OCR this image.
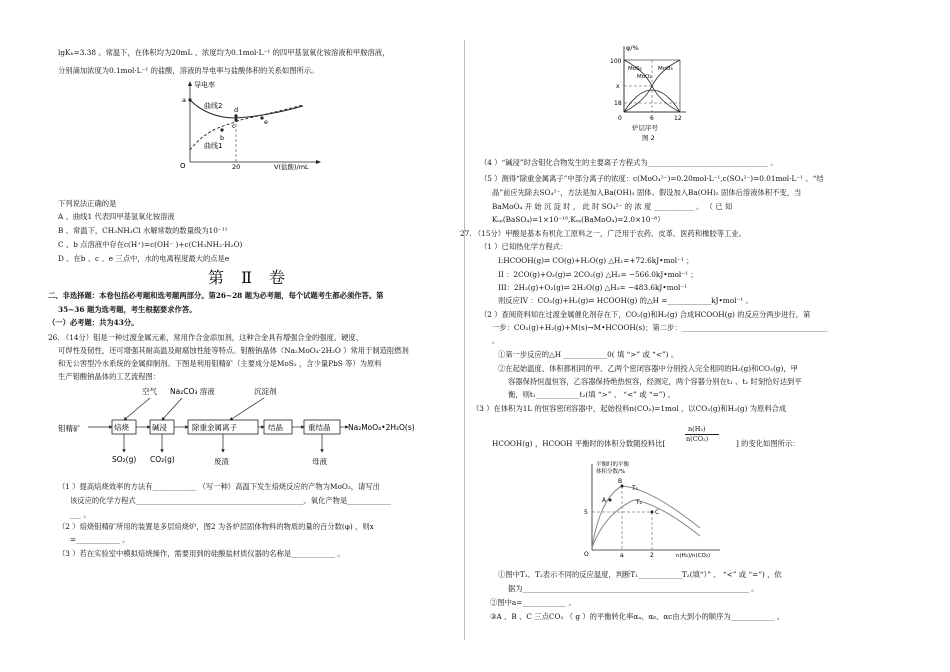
lgKₕ=3.38 。常温下，在体积均为20mL 、浓度均为0.1mol·L⁻¹ 的四甲基氢氧化铵溶液和甲胺溶液，
分别滴加浓度为0.1mol·L⁻¹ 的盐酸，溶液的导电率与盐酸体积的关系如图所示。
导电率
曲线2
曲线1
a
b
c
d
e
O	20	V(盐酸)/mL
下列说法正确的是
A 、曲线1 代表四甲基氢氧化铵溶液
B 、常温下，CH₃NH₃Cl 水解常数的数量级为10⁻¹¹
C 、b 点溶液中存在c(H⁺)=c(OH⁻ )+c(CH₃NH₂·H₂O)
D 、在b 、c 、e 三点中，水的电离程度最大的点是e
第 Ⅱ 卷
二、非选择题：本卷包括必考题和选考题两部分。第26~28 题为必考题，每个试题考生都必须作答。第
35~36 题为选考题，考生根据要求作答。
（一）必考题：共为43分。
26. （14分）钼是一种过渡金属元素，常用作合金添加剂，这种合金具有增强合金的强度、硬度、
可焊性及韧性，还可增强其耐高温及耐腐蚀性能等特点。钼酸钠晶体（Na₂MoO₄·2H₂O ）常用于制造阻燃剂
和无公害型冷水系统的金属抑制剂。下图是利用钼精矿（主要成分是MoS₂ ，含少量PbS 等）为原料
生产钼酸钠晶体的工艺流程图：
空气 Na₂CO₃ 溶液	沉淀剂
钼精矿	焙烧	碱浸	除重金属离子	结晶	重结晶 Na₂MoO₄•2H₂O(s)
SO₂(g) CO₂(g)	废渣	母液
（1 ）提高焙烧效率的方法有____________ （写一种）高温下发生焙烧反应的产物为MoO₃，请写出
该反应的化学方程式______________________________________________。氧化产物是____________
___ 。
（2 ）焙烧钼精矿所用的装置是多层焙烧炉，图2 为各炉层固体物料的物质的量的百分数(φ) ，则x
=____________ 。
（3 ）若在实验室中模拟焙烧操作，需要用到的硅酸盐材质仪器的名称是____________ 。
φ/%
100
x
18
0	6	12
MoS₂	MoO₃
MoO₂
炉层序号
图 2
（4 ）“碱浸”时含钼化合物发生的主要离子方程式为_________________________________ 。
（5 ）测得“除重金属离子”中部分离子的浓度：c(MoO₄²⁻)=0.20mol·L⁻¹,c(SO₄²⁻)=0.01mol·L⁻¹ 。“结
晶”前应先除去SO₄²⁻，方法是加入Ba(OH)₂ 固体。假设加入Ba(OH)₂ 固体后溶液体积不变，当
BaMoO₄ 开 始 沉 淀 时 ， 此 时 SO₄²⁻ 的 浓 度 ___________ 。 （ 已 知
Kₛₚ(BaSO₄)=1×10⁻¹⁰,Kₛₚ(BaMoO₄)=2.0×10⁻⁸）
27. （15分）甲酸是基本有机化工原料之一，广泛用于农药、皮革、医药和橡胶等工业。
（1 ）已知热化学方程式：
I:HCOOH(g)⇌ CO(g)+H₂O(g) △H₁=+72.6kJ•mol⁻¹ ；
II ：2CO(g)+O₂(g)⇌ 2CO₂(g) △H₂= −566.0kJ•mol⁻¹ ；
III：2H₂(g)+O₂(g)⇌ 2H₂O(g) △H₃= −483.6kJ•mol⁻¹
则反应IV ：CO₂(g)+H₂(g)⇌ HCOOH(g) 的△H =____________kJ•mol⁻¹ 。
（2 ）查阅资料知在过渡金属催化剂存在下，CO₂(g)和H₂(g) 合成HCOOH(g) 的反应分两步进行，第
一步：CO₂(g)+H₂(g)+M(s)→M•HCOOH(s)；第二步：________________________________________
。
①第一步反应的△H ____________0( 填 “>” 或 “<”) 。
②在起始温度、体积都相同的甲、乙两个密闭容器中分别投入完全相同的H₂(g)和CO₂(g)，甲
容器保持恒温恒容，乙容器保持绝热恒容，经测定，两个容器分别在t₁ 、t₂ 时刻恰好达到平
衡，则t₁____________t₂(填 “>” 、 “<” 或 “=”) 。
（3 ）在体积为1L 的恒容密闭容器中，起始投料n(CO₂)=1mol ，以CO₂(g)和H₂(g) 为原料合成
HCOOH(g) ，HCOOH 平衡时的体积分数随投料比[
n(H₂)
n(CO₂)	] 的变化如图所示：
平衡时的平衡
体积分数/%
5
O	a	2	n(H₂)/n(CO₂)
A
B
C
T₁
T₂
①图中T₁、T₂表示不同的反应温度，判断T₁____________T₂(填“）” 、 “<” 或 “=”) ，依
据为______________________________________________________________ 。
②图中a=____________ 。
③A 、B 、C 三点CO₂ （ g ）的平衡转化率αₐ、αᵦ、αc由大到小的顺序为____________ 。
